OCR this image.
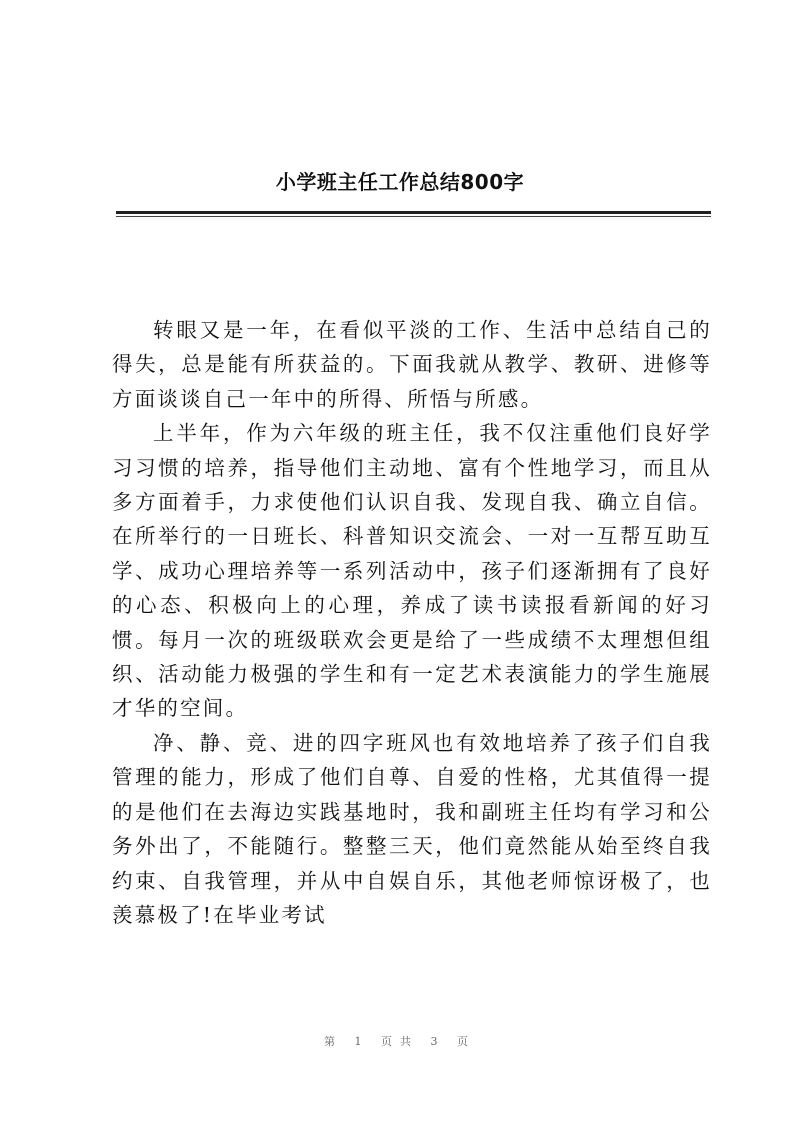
小学班主任工作总结800字

转眼又是一年，在看似平淡的工作、生活中总结自己的得失，总是能有所获益的。下面我就从教学、教研、进修等方面谈谈自己一年中的所得、所悟与所感。

上半年，作为六年级的班主任，我不仅注重他们良好学习习惯的培养，指导他们主动地、富有个性地学习，而且从多方面着手，力求使他们认识自我、发现自我、确立自信。在所举行的一日班长、科普知识交流会、一对一互帮互助互学、成功心理培养等一系列活动中，孩子们逐渐拥有了良好的心态、积极向上的心理，养成了读书读报看新闻的好习惯。每月一次的班级联欢会更是给了一些成绩不太理想但组织、活动能力极强的学生和有一定艺术表演能力的学生施展才华的空间。

净、静、竞、进的四字班风也有效地培养了孩子们自我管理的能力，形成了他们自尊、自爱的性格，尤其值得一提的是他们在去海边实践基地时，我和副班主任均有学习和公务外出了，不能随行。整整三天，他们竟然能从始至终自我约束、自我管理，并从中自娱自乐，其他老师惊讶极了，也羡慕极了!在毕业考试

第 1 页共 3 页
